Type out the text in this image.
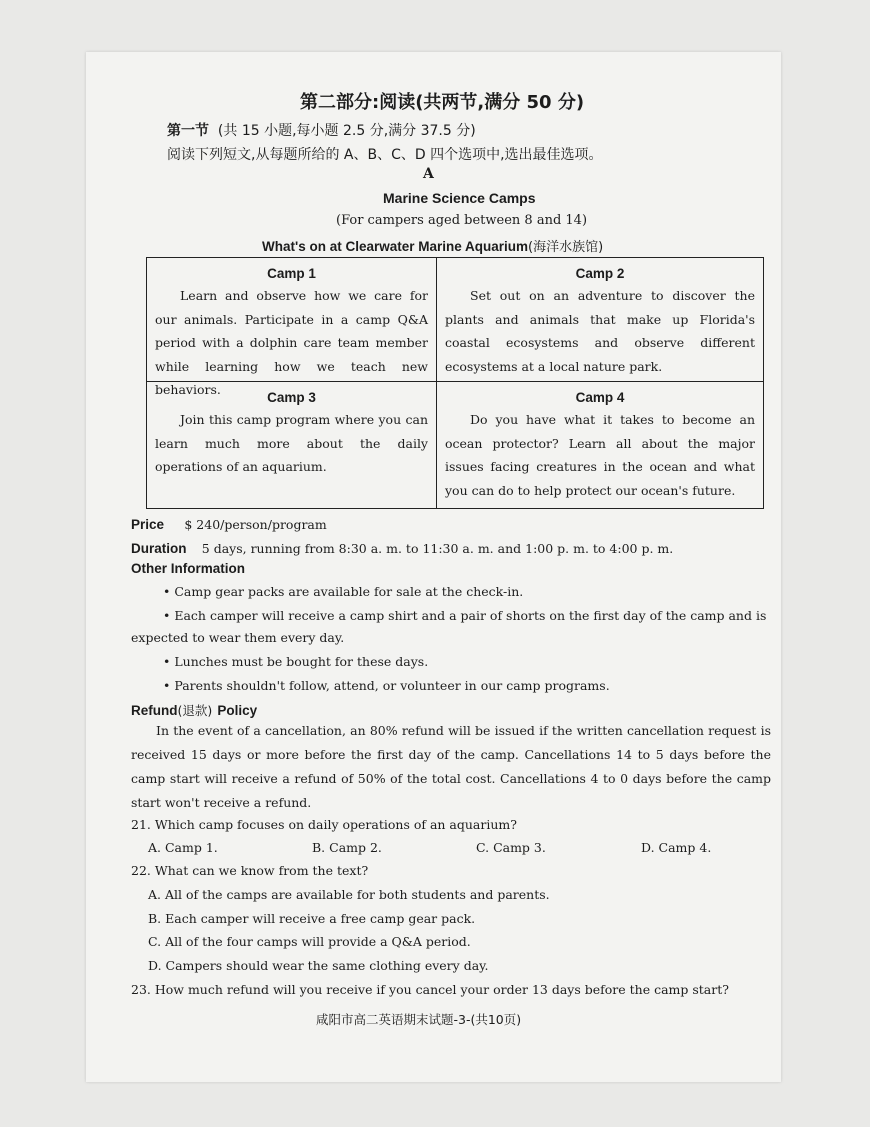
第二部分:阅读(共两节,满分 50 分)
第一节 (共 15 小题,每小题 2.5 分,满分 37.5 分)
阅读下列短文,从每题所给的 A、B、C、D 四个选项中,选出最佳选项。
A
Marine Science Camps
(For campers aged between 8 and 14)
What's on at Clearwater Marine Aquarium(海洋水族馆)
Camp 1

Learn and observe how we care for our animals. Participate in a camp Q&A period with a dolphin care team member while learning how we teach new behaviors.

Camp 2

Set out on an adventure to discover the plants and animals that make up Florida's coastal ecosystems and observe different ecosystems at a local nature park.

Camp 3

Join this camp program where you can learn much more about the daily operations of an aquarium.

Camp 4

Do you have what it takes to become an ocean protector? Learn all about the major issues facing creatures in the ocean and what you can do to help protect our ocean's future.

Price $ 240/person/program
Duration 5 days, running from 8:30 a. m. to 11:30 a. m. and 1:00 p. m. to 4:00 p. m.
Other Information
• Camp gear packs are available for sale at the check-in.
• Each camper will receive a camp shirt and a pair of shorts on the first day of the camp and is
expected to wear them every day.
• Lunches must be bought for these days.
• Parents shouldn't follow, attend, or volunteer in our camp programs.
Refund(退款) Policy
In the event of a cancellation, an 80% refund will be issued if the written cancellation request is received 15 days or more before the first day of the camp. Cancellations 14 to 5 days before the camp start will receive a refund of 50% of the total cost. Cancellations 4 to 0 days before the camp start won't receive a refund.
21. Which camp focuses on daily operations of an aquarium?
A. Camp 1.	B. Camp 2.	C. Camp 3.	D. Camp 4.
22. What can we know from the text?
A. All of the camps are available for both students and parents.
B. Each camper will receive a free camp gear pack.
C. All of the four camps will provide a Q&A period.
D. Campers should wear the same clothing every day.
23. How much refund will you receive if you cancel your order 13 days before the camp start?
咸阳市高二英语期末试题-3-(共10页)
